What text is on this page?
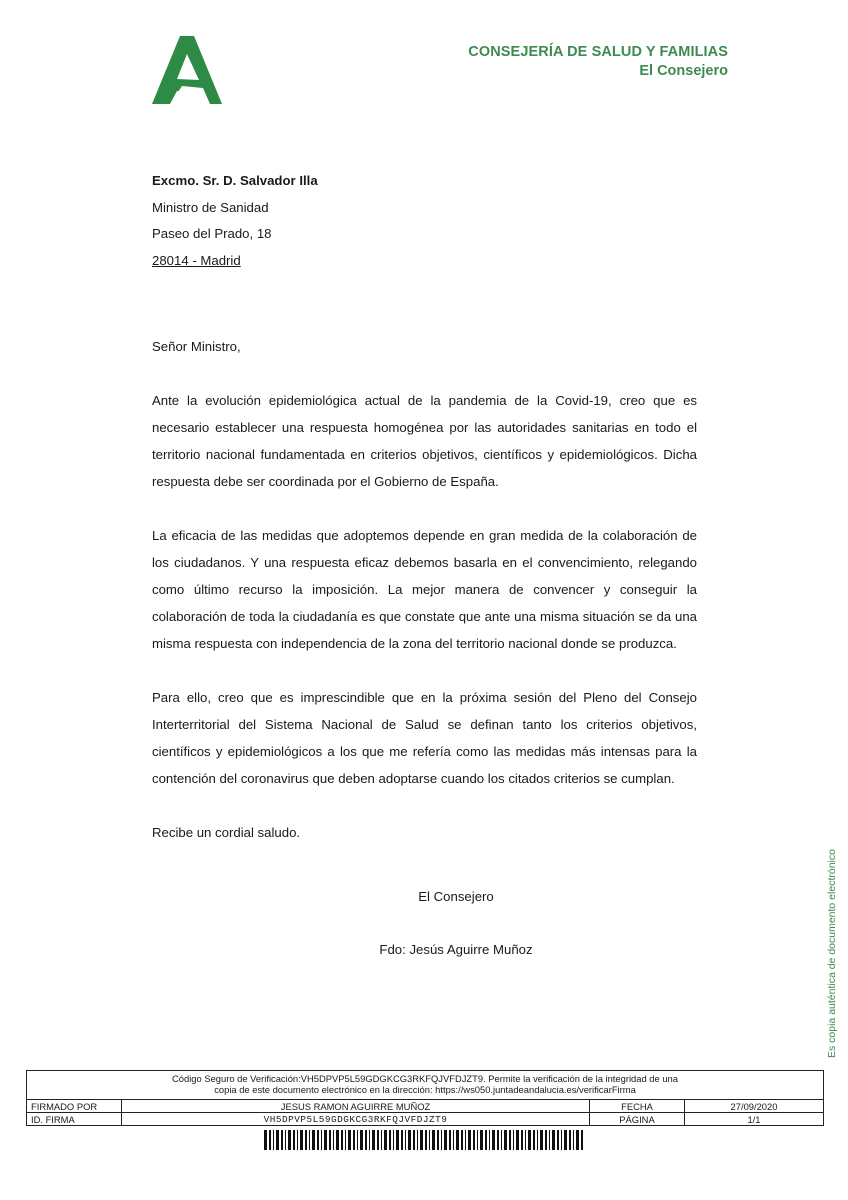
CONSEJERÍA DE SALUD Y FAMILIAS
El Consejero
Excmo. Sr. D. Salvador Illa
Ministro de Sanidad
Paseo del Prado, 18
28014 - Madrid

Señor Ministro,

Ante la evolución epidemiológica actual de la pandemia de la Covid-19, creo que es necesario establecer una respuesta homogénea por las autoridades sanitarias en todo el territorio nacional fundamentada en criterios objetivos, científicos y epidemiológicos. Dicha respuesta debe ser coordinada por el Gobierno de España.

La eficacia de las medidas que adoptemos depende en gran medida de la colaboración de los ciudadanos. Y una respuesta eficaz debemos basarla en el convencimiento, relegando como último recurso la imposición. La mejor manera de convencer y conseguir la colaboración de toda la ciudadanía es que constate que ante una misma situación se da una misma respuesta con independencia de la zona del territorio nacional donde se produzca.

Para ello, creo que es imprescindible que en la próxima sesión del Pleno del Consejo Interterritorial del Sistema Nacional de Salud se definan tanto los criterios objetivos, científicos y epidemiológicos a los que me refería como las medidas más intensas para la contención del coronavirus que deben adoptarse cuando los citados criterios se cumplan.

Recibe un cordial saludo.

El Consejero
Fdo: Jesús Aguirre Muñoz	Es copia auténtica de documento electrónico
Código Seguro de Verificación:VH5DPVP5L59GDGKCG3RKFQJVFDJZT9. Permite la verificación de la integridad de una
copia de este documento electrónico en la dirección: https://ws050.juntadeandalucia.es/verificarFirma
FIRMADO POR	JESUS RAMON AGUIRRE MUÑOZ	FECHA	27/09/2020
ID. FIRMA	VH5DPVP5L59GDGKCG3RKFQJVFDJZT9	PÁGINA	1/1
